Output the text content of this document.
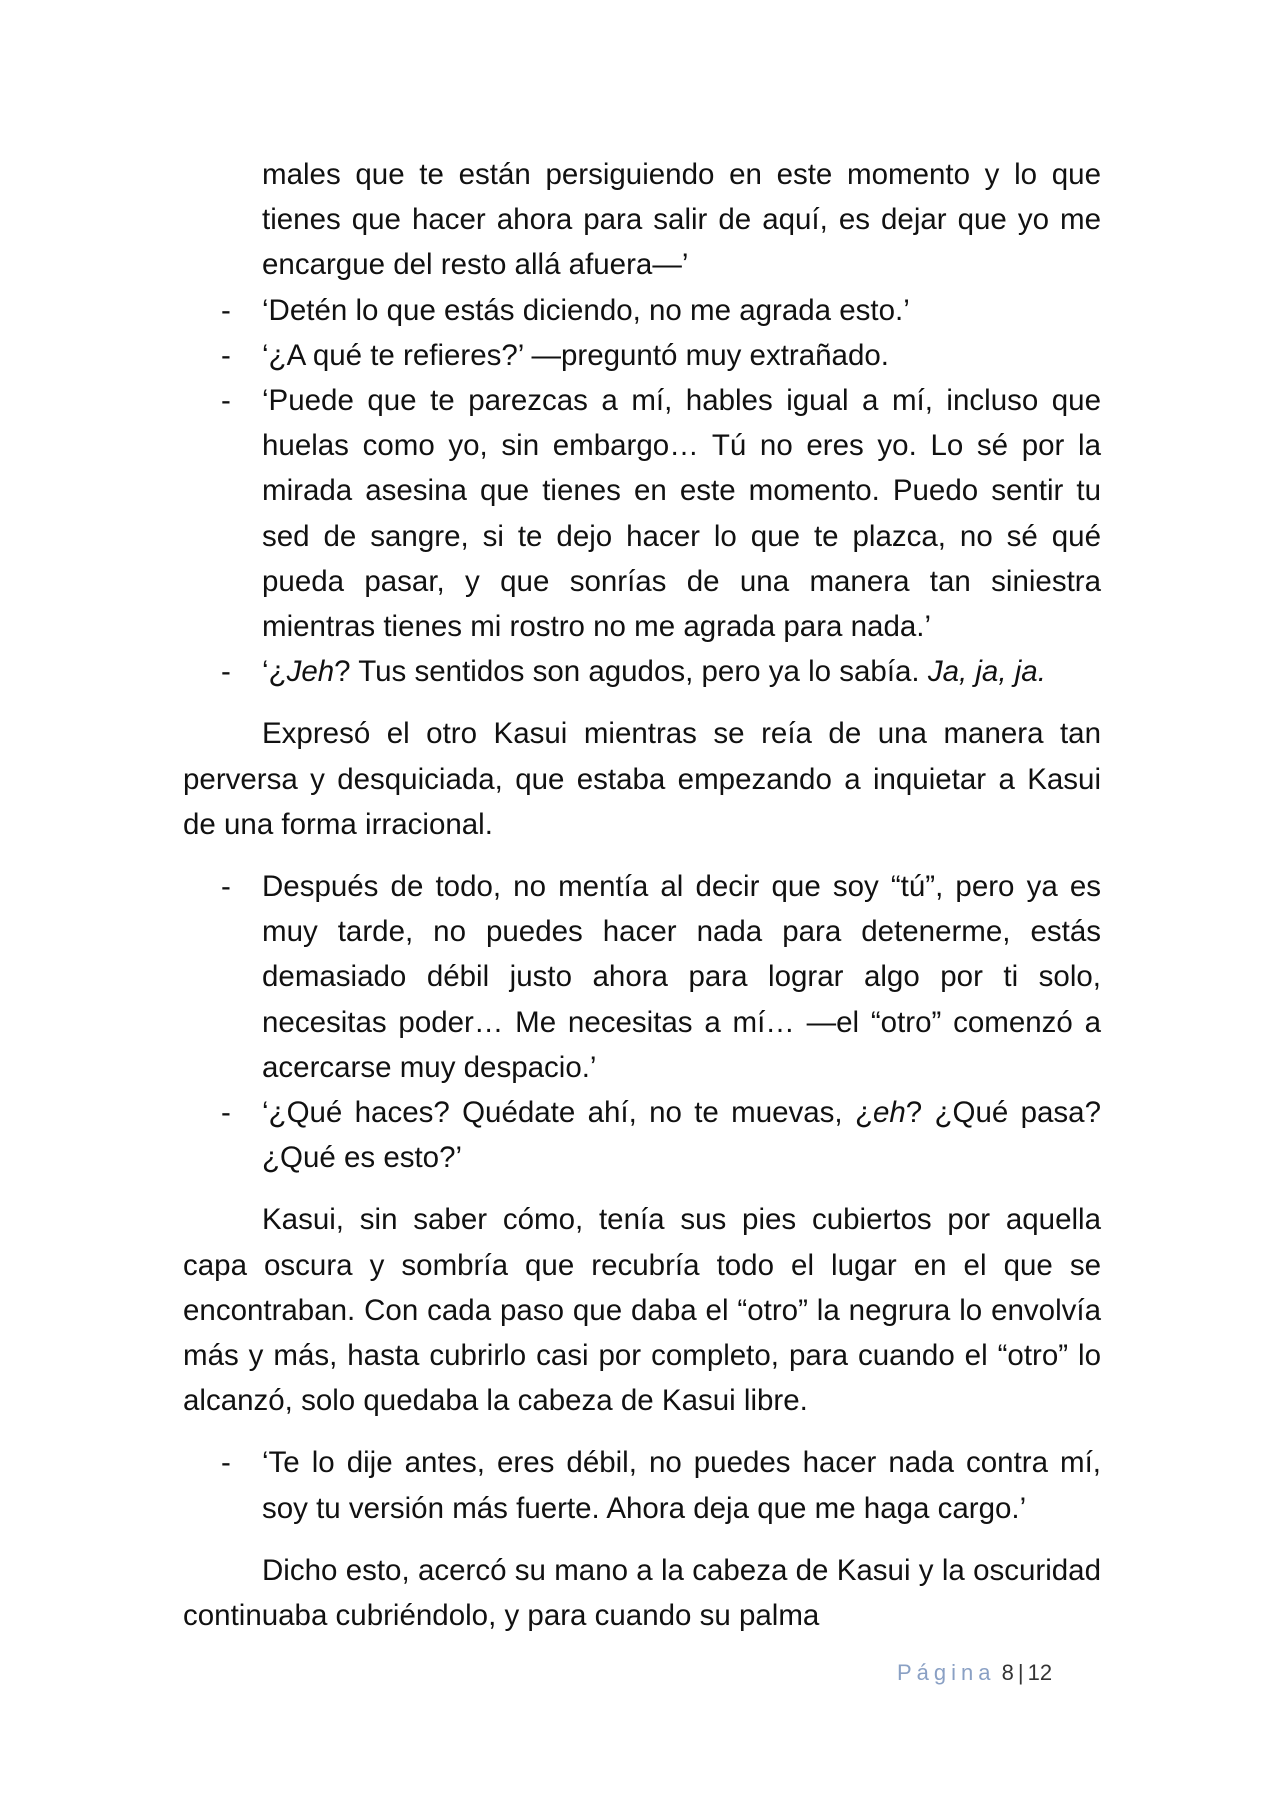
males que te están persiguiendo en este momento y lo que tienes que hacer ahora para salir de aquí, es dejar que yo me encargue del resto allá afuera—’
- ‘Detén lo que estás diciendo, no me agrada esto.’
- ‘¿A qué te refieres?’ —preguntó muy extrañado.
- ‘Puede que te parezcas a mí, hables igual a mí, incluso que huelas como yo, sin embargo… Tú no eres yo. Lo sé por la mirada asesina que tienes en este momento. Puedo sentir tu sed de sangre, si te dejo hacer lo que te plazca, no sé qué pueda pasar, y que sonrías de una manera tan siniestra mientras tienes mi rostro no me agrada para nada.’
- ‘¿Jeh? Tus sentidos son agudos, pero ya lo sabía. Ja, ja, ja.
Expresó el otro Kasui mientras se reía de una manera tan perversa y desquiciada, que estaba empezando a inquietar a Kasui de una forma irracional.
- Después de todo, no mentía al decir que soy “tú”, pero ya es muy tarde, no puedes hacer nada para detenerme, estás demasiado débil justo ahora para lograr algo por ti solo, necesitas poder… Me necesitas a mí… —el “otro” comenzó a acercarse muy despacio.’
- ‘¿Qué haces? Quédate ahí, no te muevas, ¿eh? ¿Qué pasa? ¿Qué es esto?’
Kasui, sin saber cómo, tenía sus pies cubiertos por aquella capa oscura y sombría que recubría todo el lugar en el que se encontraban. Con cada paso que daba el “otro” la negrura lo envolvía más y más, hasta cubrirlo casi por completo, para cuando el “otro” lo alcanzó, solo quedaba la cabeza de Kasui libre.
- ‘Te lo dije antes, eres débil, no puedes hacer nada contra mí, soy tu versión más fuerte. Ahora deja que me haga cargo.’
Dicho esto, acercó su mano a la cabeza de Kasui y la oscuridad continuaba cubriéndolo, y para cuando su palma
Página 8 | 12
